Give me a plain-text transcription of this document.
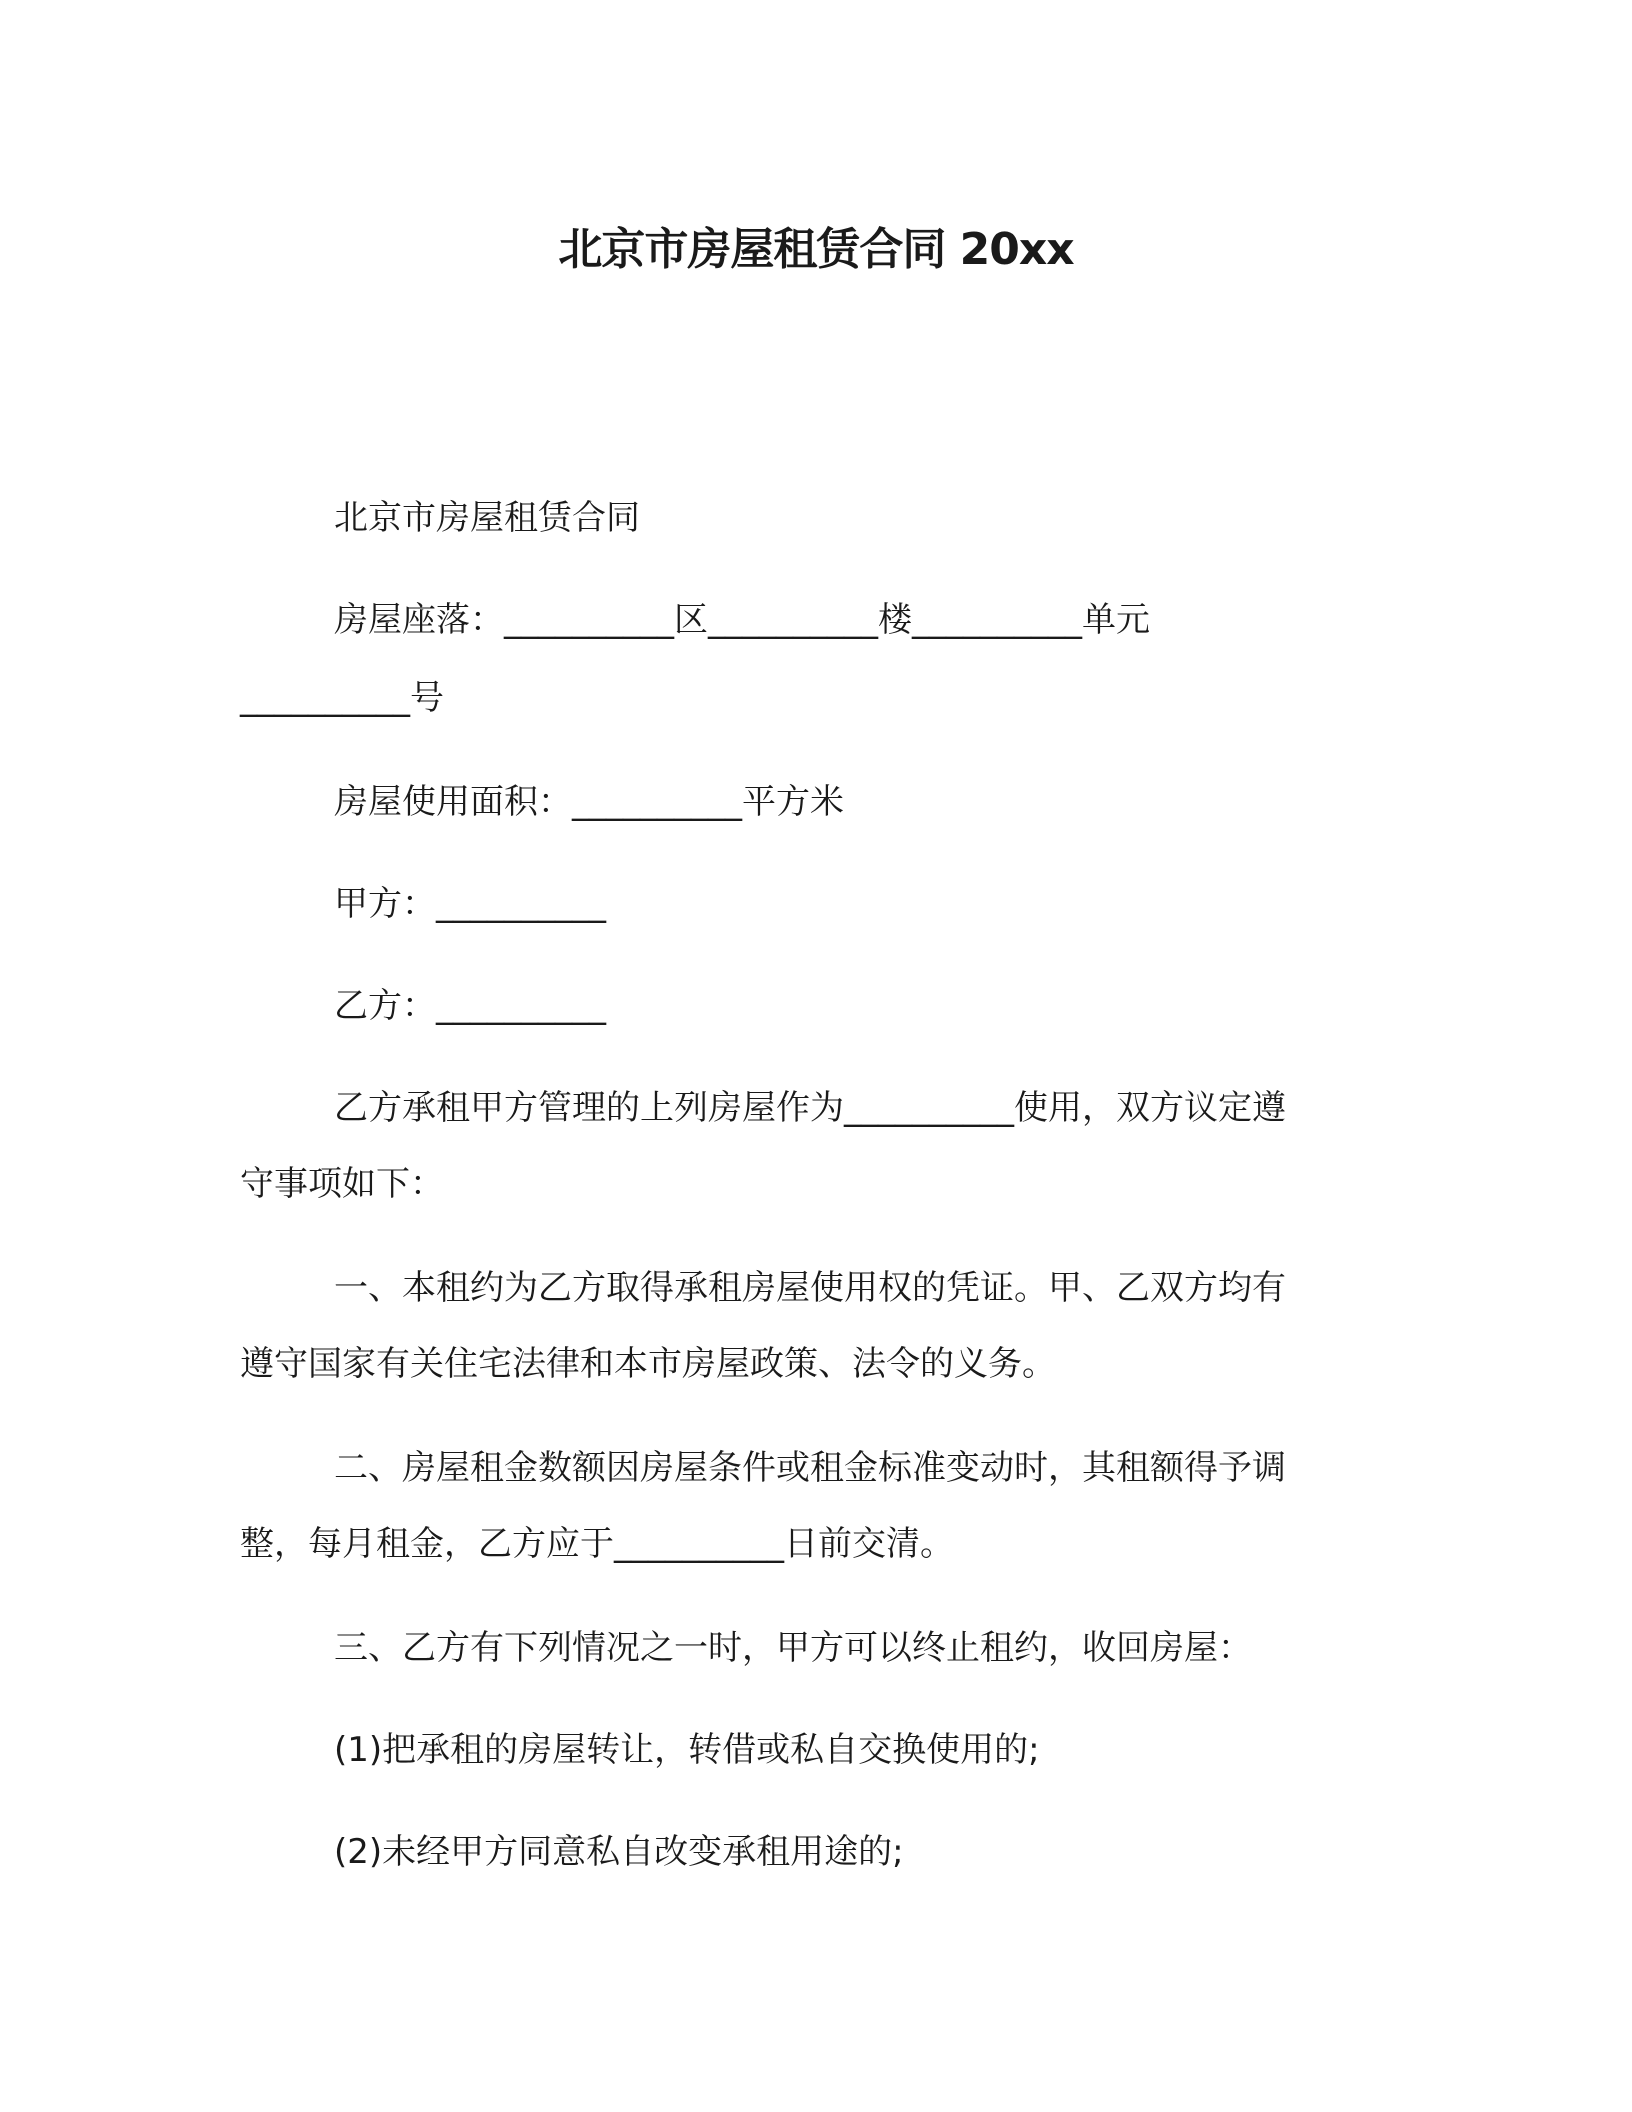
北京市房屋租赁合同 20xx
北京市房屋租赁合同
房屋座落：__________区__________楼__________单元
__________号
房屋使用面积：__________平方米
甲方：__________
乙方：__________
乙方承租甲方管理的上列房屋作为__________使用，双方议定遵
守事项如下：
一、本租约为乙方取得承租房屋使用权的凭证。甲、乙双方均有
遵守国家有关住宅法律和本市房屋政策、法令的义务。
二、房屋租金数额因房屋条件或租金标准变动时，其租额得予调
整，每月租金，乙方应于__________日前交清。
三、乙方有下列情况之一时，甲方可以终止租约，收回房屋：
(1)把承租的房屋转让，转借或私自交换使用的;
(2)未经甲方同意私自改变承租用途的;
